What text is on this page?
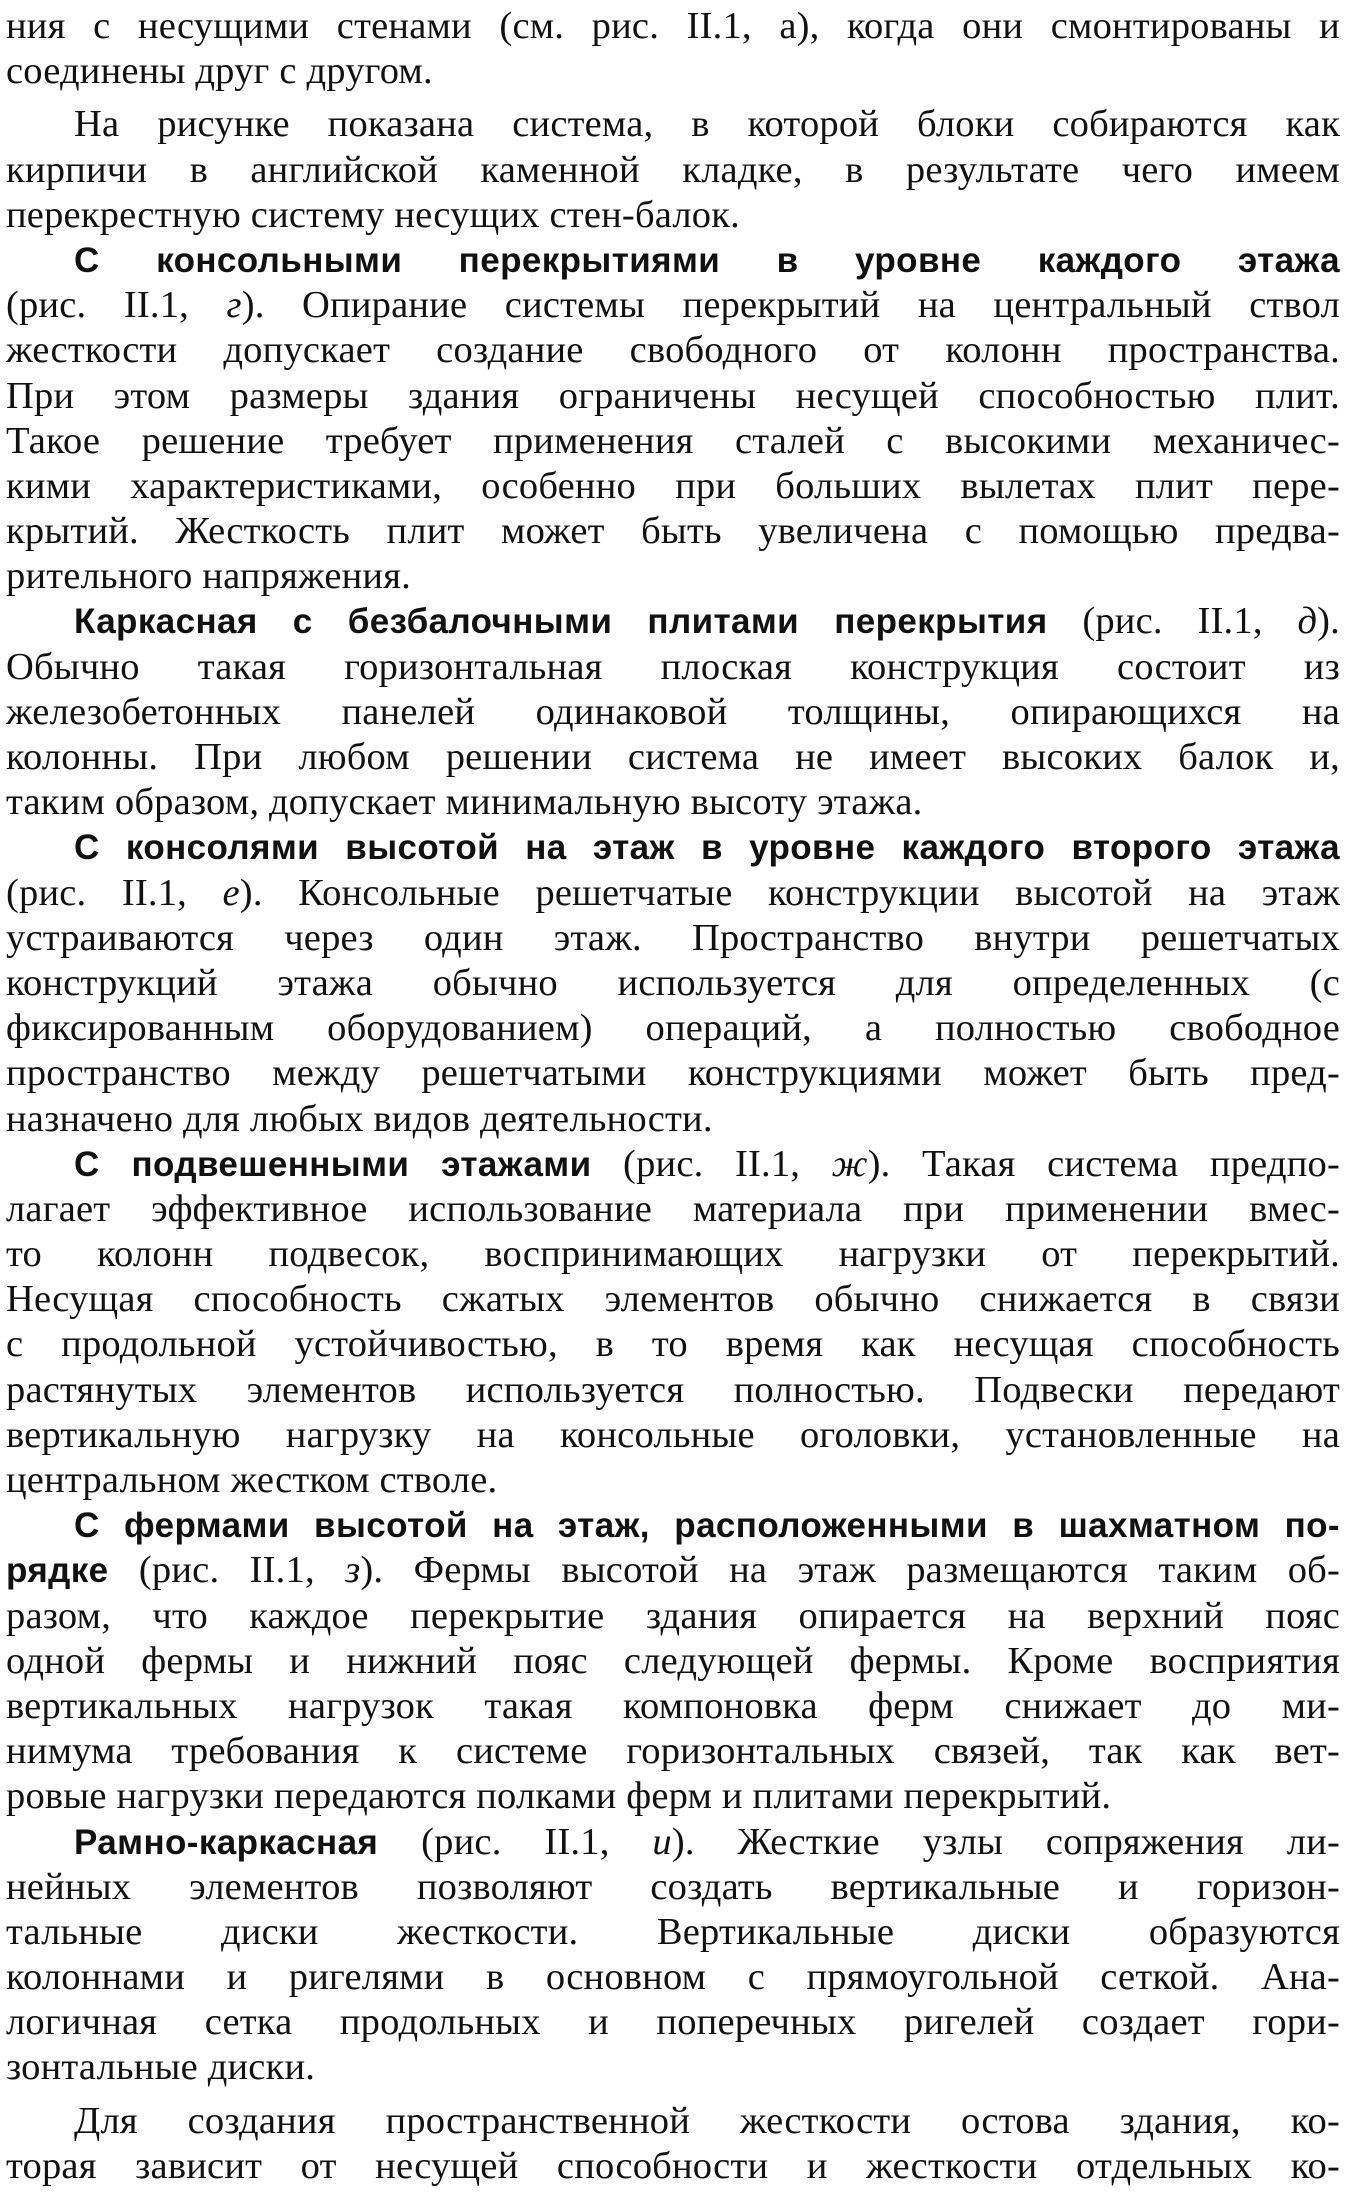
ния с несущими стенами (см. рис. II.1, а), когда они смонтированы и
соединены друг с другом.
На рисунке показана система, в которой блоки собираются как
кирпичи в английской каменной кладке, в результате чего имеем
перекрестную систему несущих стен-балок.
С консольными перекрытиями в уровне каждого этажа
(рис. II.1, г). Опирание системы перекрытий на центральный ствол
жесткости допускает создание свободного от колонн пространства.
При этом размеры здания ограничены несущей способностью плит.
Такое решение требует применения сталей с высокими механичес-
кими характеристиками, особенно при больших вылетах плит пере-
крытий. Жесткость плит может быть увеличена с помощью предва-
рительного напряжения.
Каркасная с безбалочными плитами перекрытия (рис. II.1, д).
Обычно такая горизонтальная плоская конструкция состоит из
железобетонных панелей одинаковой толщины, опирающихся на
колонны. При любом решении система не имеет высоких балок и,
таким образом, допускает минимальную высоту этажа.
С консолями высотой на этаж в уровне каждого второго этажа
(рис. II.1, е). Консольные решетчатые конструкции высотой на этаж
устраиваются через один этаж. Пространство внутри решетчатых
конструкций этажа обычно используется для определенных (с
фиксированным оборудованием) операций, а полностью свободное
пространство между решетчатыми конструкциями может быть пред-
назначено для любых видов деятельности.
С подвешенными этажами (рис. II.1, ж). Такая система предпо-
лагает эффективное использование материала при применении вмес-
то колонн подвесок, воспринимающих нагрузки от перекрытий.
Несущая способность сжатых элементов обычно снижается в связи
с продольной устойчивостью, в то время как несущая способность
растянутых элементов используется полностью. Подвески передают
вертикальную нагрузку на консольные оголовки, установленные на
центральном жестком стволе.
С фермами высотой на этаж, расположенными в шахматном по-
рядке (рис. II.1, з). Фермы высотой на этаж размещаются таким об-
разом, что каждое перекрытие здания опирается на верхний пояс
одной фермы и нижний пояс следующей фермы. Кроме восприятия
вертикальных нагрузок такая компоновка ферм снижает до ми-
нимума требования к системе горизонтальных связей, так как вет-
ровые нагрузки передаются полками ферм и плитами перекрытий.
Рамно-каркасная (рис. II.1, и). Жесткие узлы сопряжения ли-
нейных элементов позволяют создать вертикальные и горизон-
тальные диски жесткости. Вертикальные диски образуются
колоннами и ригелями в основном с прямоугольной сеткой. Ана-
логичная сетка продольных и поперечных ригелей создает гори-
зонтальные диски.
Для создания пространственной жесткости остова здания, ко-
торая зависит от несущей способности и жесткости отдельных ко-
